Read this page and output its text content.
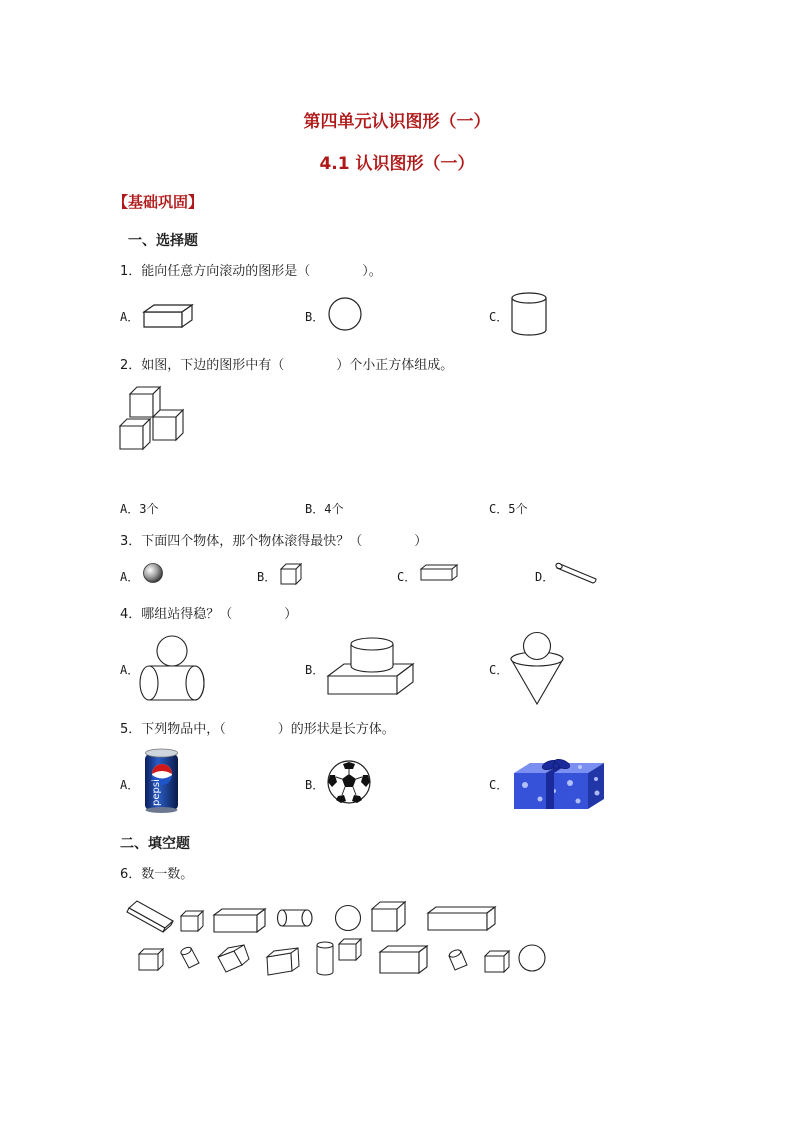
第四单元认识图形（一）
4.1 认识图形（一）
【基础巩固】
一、选择题
1．能向任意方向滚动的图形是（　　　　）。
A．	B．	C．
2．如图，下边的图形中有（　　　　）个小正方体组成。
A．3个	B．4个	C．5个
3．下面四个物体，那个物体滚得最快？（　　　　）
A．	B．	C．	D．
4．哪组站得稳？（　　　　）
A．	B．	C．
5．下列物品中，（　　　　）的形状是长方体。
A． pepsi	B．	C．
二、填空题
6．数一数。
